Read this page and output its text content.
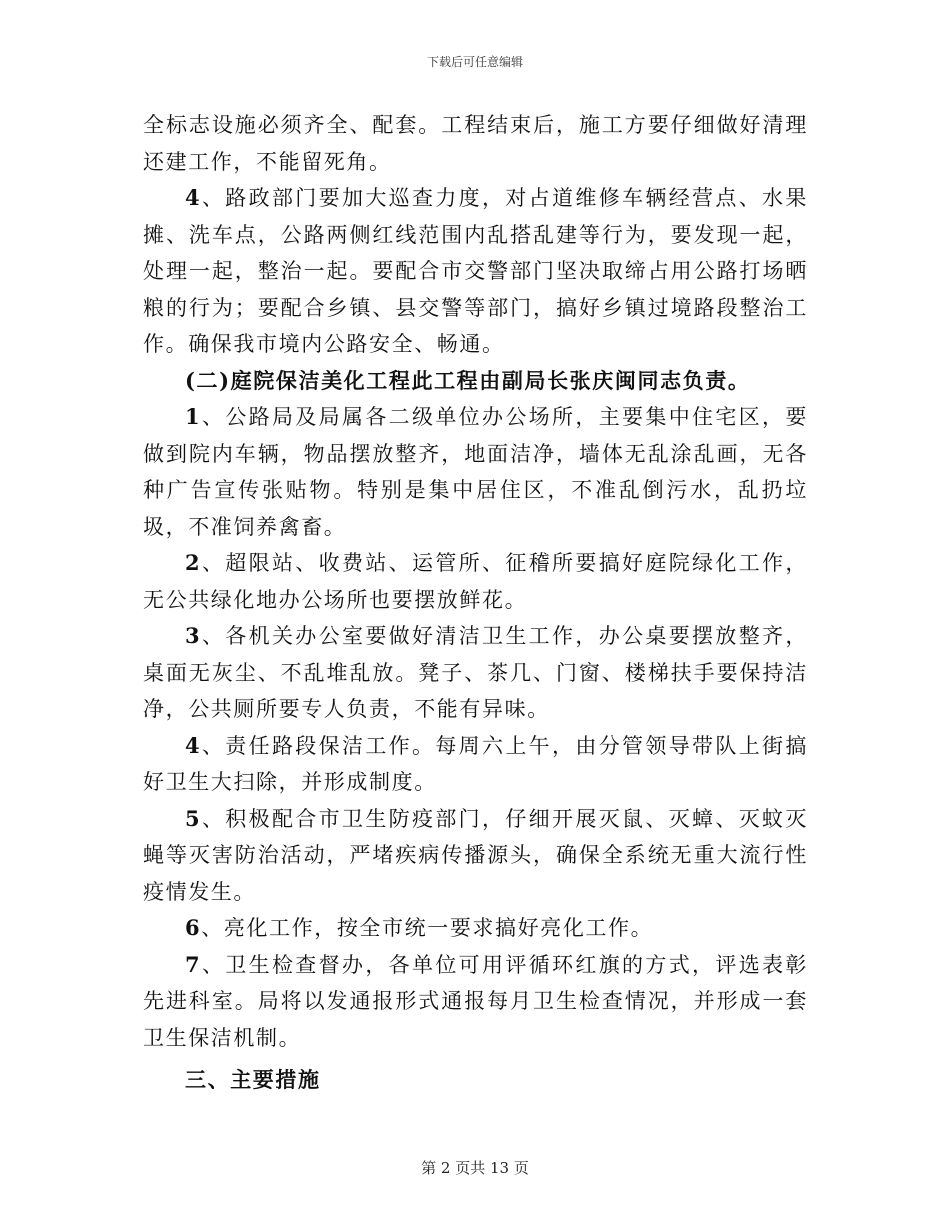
下载后可任意编辑

全标志设施必须齐全、配套。工程结束后，施工方要仔细做好清理还建工作，不能留死角。

4、路政部门要加大巡查力度，对占道维修车辆经营点、水果摊、洗车点，公路两侧红线范围内乱搭乱建等行为，要发现一起，处理一起，整治一起。要配合市交警部门坚决取缔占用公路打场晒粮的行为；要配合乡镇、县交警等部门，搞好乡镇过境路段整治工作。确保我市境内公路安全、畅通。

(二)庭院保洁美化工程此工程由副局长张庆闽同志负责。

1、公路局及局属各二级单位办公场所，主要集中住宅区，要做到院内车辆，物品摆放整齐，地面洁净，墙体无乱涂乱画，无各种广告宣传张贴物。特别是集中居住区，不准乱倒污水，乱扔垃圾，不准饲养禽畜。

2、超限站、收费站、运管所、征稽所要搞好庭院绿化工作，无公共绿化地办公场所也要摆放鲜花。

3、各机关办公室要做好清洁卫生工作，办公桌要摆放整齐，桌面无灰尘、不乱堆乱放。凳子、茶几、门窗、楼梯扶手要保持洁净，公共厕所要专人负责，不能有异味。

4、责任路段保洁工作。每周六上午，由分管领导带队上街搞好卫生大扫除，并形成制度。

5、积极配合市卫生防疫部门，仔细开展灭鼠、灭蟑、灭蚊灭蝇等灭害防治活动，严堵疾病传播源头，确保全系统无重大流行性疫情发生。

6、亮化工作，按全市统一要求搞好亮化工作。

7、卫生检查督办，各单位可用评循环红旗的方式，评选表彰先进科室。局将以发通报形式通报每月卫生检查情况，并形成一套卫生保洁机制。

三、主要措施

第 2 页共 13 页
